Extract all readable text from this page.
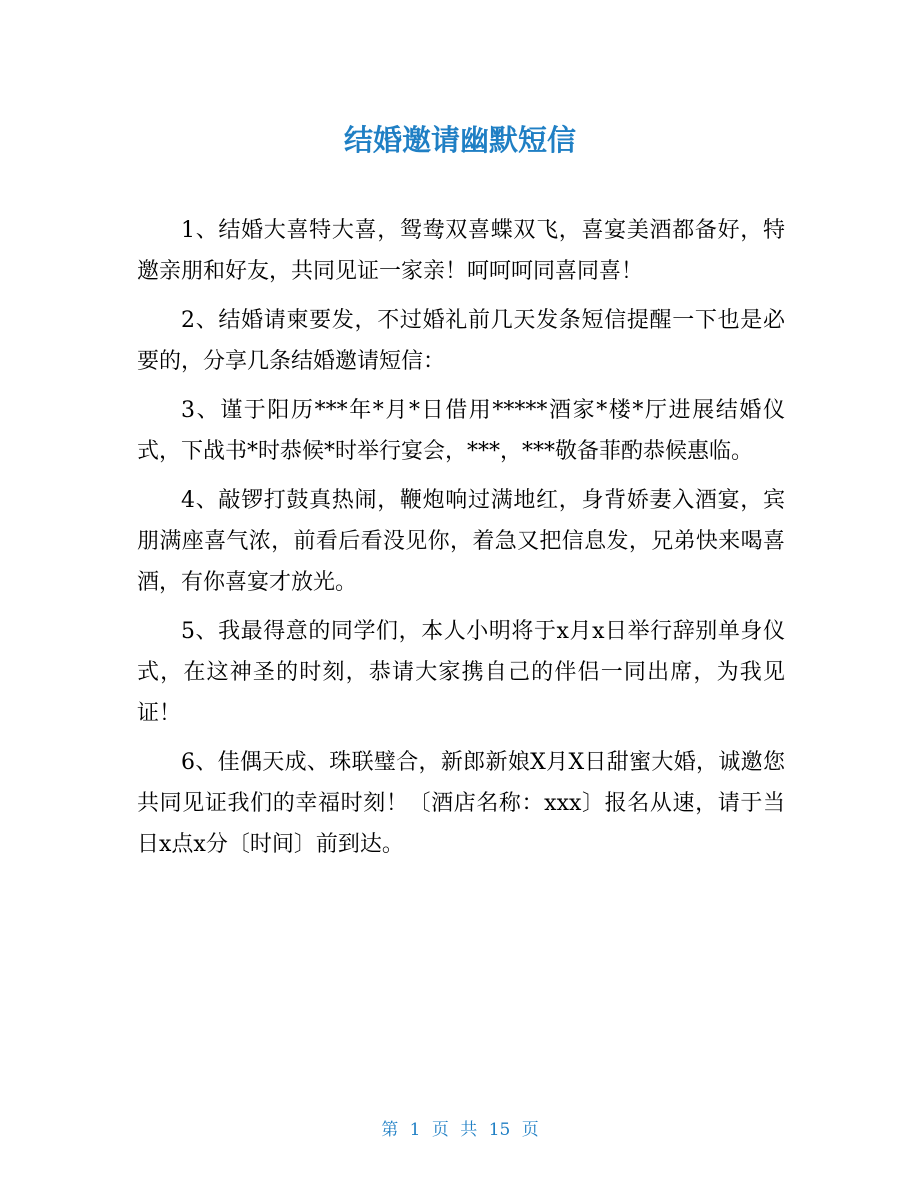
结婚邀请幽默短信

1、结婚大喜特大喜，鸳鸯双喜蝶双飞，喜宴美酒都备好，特邀亲朋和好友，共同见证一家亲！呵呵呵同喜同喜！

2、结婚请柬要发，不过婚礼前几天发条短信提醒一下也是必要的，分享几条结婚邀请短信：

3、谨于阳历***年*月*日借用*****酒家*楼*厅进展结婚仪式，下战书*时恭候*时举行宴会，***，***敬备菲酌恭候惠临。

4、敲锣打鼓真热闹，鞭炮响过满地红，身背娇妻入酒宴，宾朋满座喜气浓，前看后看没见你，着急又把信息发，兄弟快来喝喜酒，有你喜宴才放光。

5、我最得意的同学们，本人小明将于x月x日举行辞别单身仪式，在这神圣的时刻，恭请大家携自己的伴侣一同出席，为我见证！

6、佳偶天成、珠联璧合，新郎新娘X月X日甜蜜大婚，诚邀您共同见证我们的幸福时刻！〔酒店名称：xxx〕报名从速，请于当日x点x分〔时间〕前到达。

第 1 页 共 15 页
